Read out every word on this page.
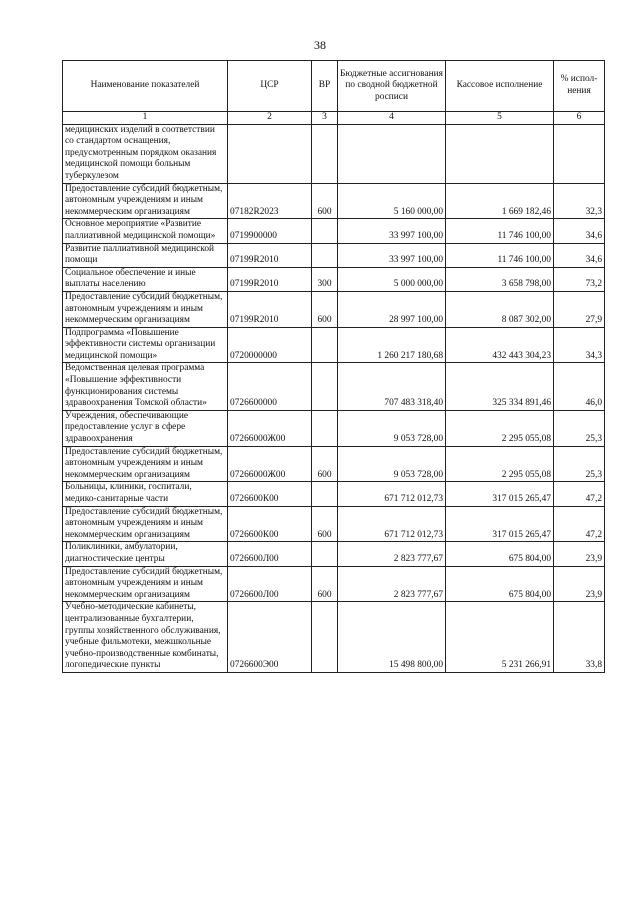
38
Наименование показателей	ЦСР	ВР	Бюджетные ассигнования по сводной бюджетной росписи	Кассовое исполнение	% испол-нения
1	2	3	4	5	6
медицинских изделий в соответствии со стандартом оснащения, предусмотренным порядком оказания медицинской помощи больным туберкулезом					
Предоставление субсидий бюджетным, автономным учреждениям и иным некоммерческим организациям	07182R2023	600	5 160 000,00	1 669 182,46	32,3
Основное мероприятие «Развитие паллиативной медицинской помощи»	0719900000		33 997 100,00	11 746 100,00	34,6
Развитие паллиативной медицинской помощи	07199R2010		33 997 100,00	11 746 100,00	34,6
Социальное обеспечение и иные выплаты населению	07199R2010	300	5 000 000,00	3 658 798,00	73,2
Предоставление субсидий бюджетным, автономным учреждениям и иным некоммерческим организациям	07199R2010	600	28 997 100,00	8 087 302,00	27,9
Подпрограмма «Повышение эффективности системы организации медицинской помощи»	0720000000		1 260 217 180,68	432 443 304,23	34,3
Ведомственная целевая программа «Повышение эффективности функционирования системы здравоохранения Томской области»	0726600000		707 483 318,40	325 334 891,46	46,0
Учреждения, обеспечивающие предоставление услуг в сфере здравоохранения	07266000Ж00		9 053 728,00	2 295 055,08	25,3
Предоставление субсидий бюджетным, автономным учреждениям и иным некоммерческим организациям	07266000Ж00	600	9 053 728,00	2 295 055,08	25,3
Больницы, клиники, госпитали, медико-санитарные части	0726600К00		671 712 012,73	317 015 265,47	47,2
Предоставление субсидий бюджетным, автономным учреждениям и иным некоммерческим организациям	0726600К00	600	671 712 012,73	317 015 265,47	47,2
Поликлиники, амбулатории, диагностические центры	0726600Л00		2 823 777,67	675 804,00	23,9
Предоставление субсидий бюджетным, автономным учреждениям и иным некоммерческим организациям	0726600Л00	600	2 823 777,67	675 804,00	23,9
Учебно-методические кабинеты, централизованные бухгалтерии, группы хозяйственного обслуживания, учебные фильмотеки, межшкольные учебно-производственные комбинаты, логопедические пункты	0726600Э00		15 498 800,00	5 231 266,91	33,8
